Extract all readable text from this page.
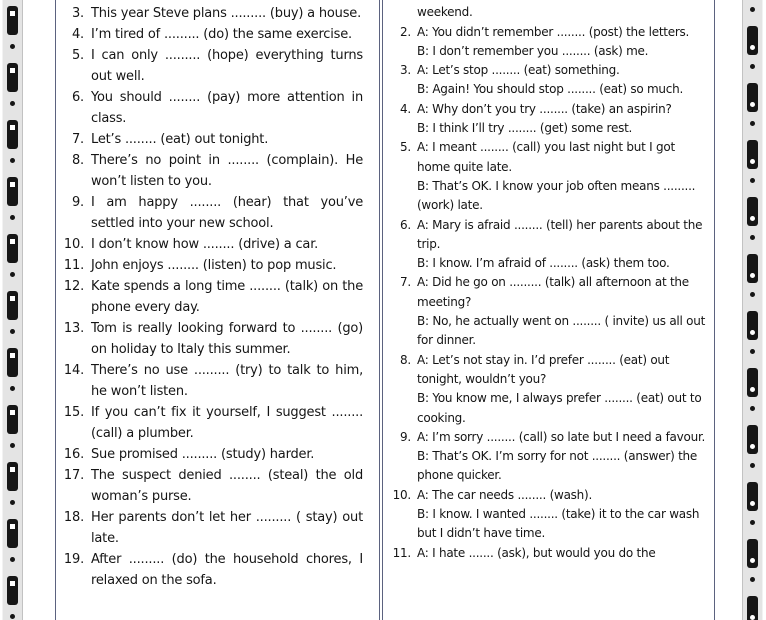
3. This year Steve plans ......... (buy) a house.
4. I’m tired of ......... (do) the same exercise.
5. I can only ......... (hope) everything turns out well.
6. You should ........ (pay) more attention in class.
7. Let’s ........ (eat) out tonight.
8. There’s no point in ........ (complain). He won’t listen to you.
9. I am happy ........ (hear) that you’ve settled into your new school.
10. I don’t know how ........ (drive) a car.
11. John enjoys ........ (listen) to pop music.
12. Kate spends a long time ........ (talk) on the phone every day.
13. Tom is really looking forward to ........ (go) on holiday to Italy this summer.
14. There’s no use ......... (try) to talk to him, he won’t listen.
15. If you can’t fix it yourself, I suggest ........ (call) a plumber.
16. Sue promised ......... (study) harder.
17. The suspect denied ........ (steal) the old woman’s purse.
18. Her parents don’t let her ......... ( stay) out late.
19. After ......... (do) the household chores, I relaxed on the sofa.
weekend.
2. A: You didn’t remember ........ (post) the letters.
B: I don’t remember you ........ (ask) me.
3. A: Let’s stop ........ (eat) something.
B: Again! You should stop ........ (eat) so much.
4. A: Why don’t you try ........ (take) an aspirin?
B: I think I’ll try ........ (get) some rest.
5. A: I meant ........ (call) you last night but I got home quite late.
B: That’s OK. I know your job often means ......... (work) late.
6. A: Mary is afraid ........ (tell) her parents about the trip.
B: I know. I’m afraid of ........ (ask) them too.
7. A: Did he go on ......... (talk) all afternoon at the meeting?
B: No, he actually went on ........ ( invite) us all out for dinner.
8. A: Let’s not stay in. I’d prefer ........ (eat) out tonight, wouldn’t you?
B: You know me, I always prefer ........ (eat) out to cooking.
9. A: I’m sorry ........ (call) so late but I need a favour.
B: That’s OK. I’m sorry for not ........ (answer) the phone quicker.
10. A: The car needs ........ (wash).
B: I know. I wanted ........ (take) it to the car wash but I didn’t have time.
11. A: I hate ....... (ask), but would you do the
